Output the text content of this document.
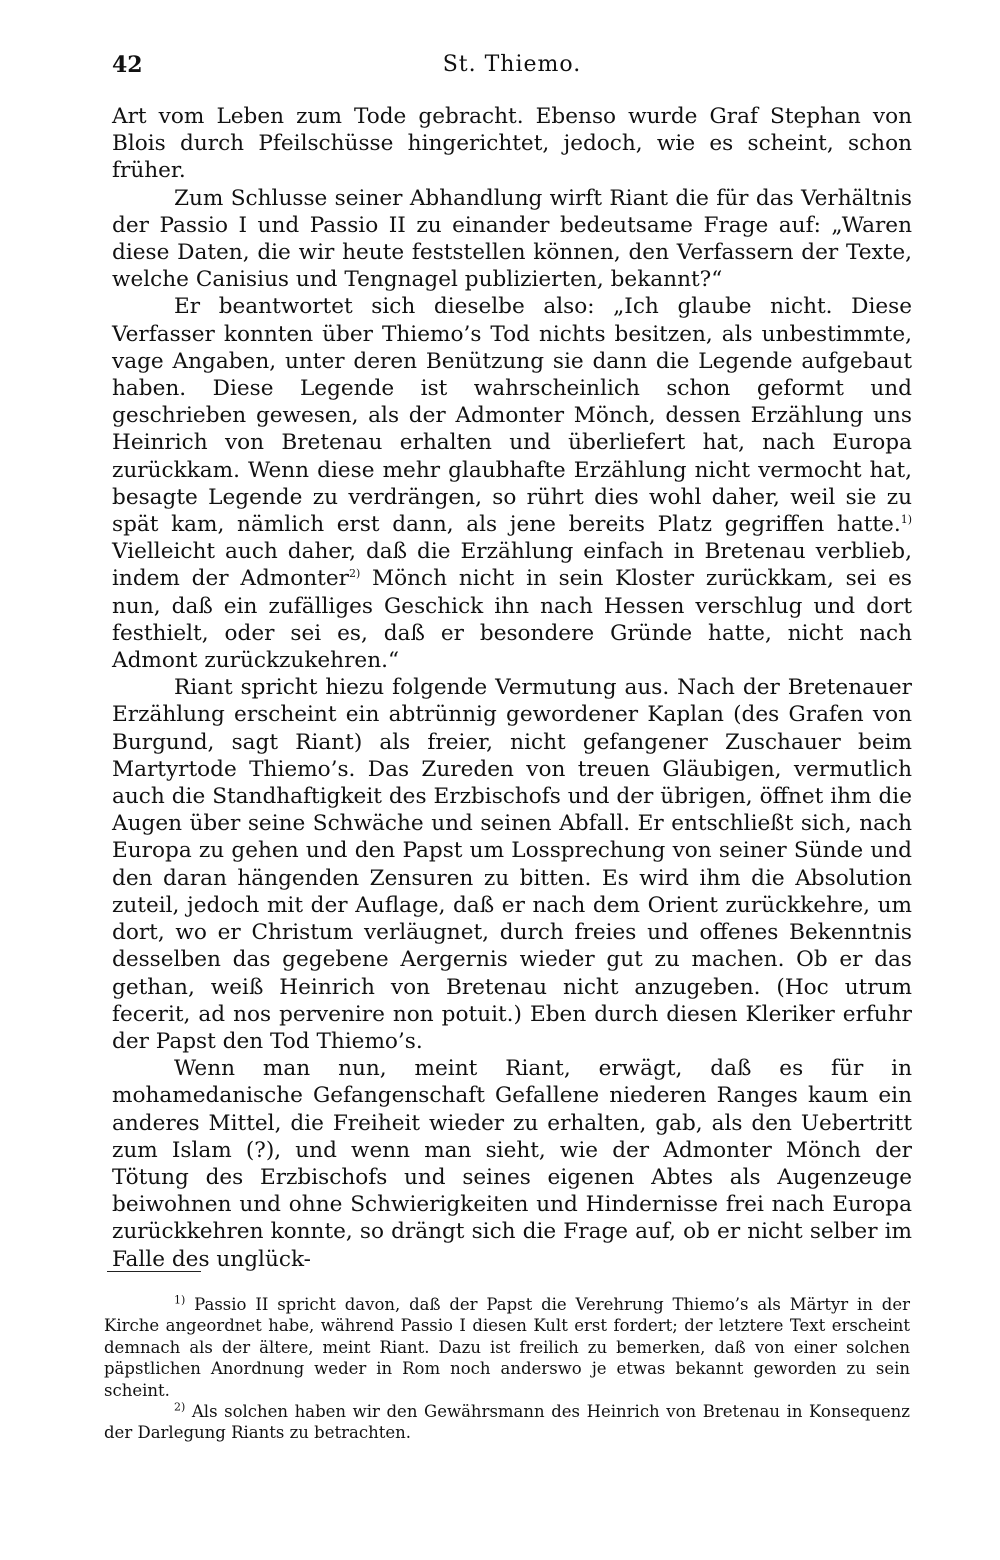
42	St. Thiemo.

Art vom Leben zum Tode gebracht. Ebenso wurde Graf Stephan von Blois durch Pfeilschüsse hingerichtet, jedoch, wie es scheint, schon früher.

Zum Schlusse seiner Abhandlung wirft Riant die für das Verhältnis der Passio I und Passio II zu einander bedeutsame Frage auf: „Waren diese Daten, die wir heute feststellen können, den Verfassern der Texte, welche Canisius und Tengnagel publizierten, bekannt?“

Er beantwortet sich dieselbe also: „Ich glaube nicht. Diese Verfasser konnten über Thiemo’s Tod nichts besitzen, als unbestimmte, vage Angaben, unter deren Benützung sie dann die Legende aufgebaut haben. Diese Legende ist wahrscheinlich schon geformt und geschrieben gewesen, als der Admonter Mönch, dessen Erzählung uns Heinrich von Bretenau erhalten und überliefert hat, nach Europa zurückkam. Wenn diese mehr glaubhafte Erzählung nicht vermocht hat, besagte Legende zu verdrängen, so rührt dies wohl daher, weil sie zu spät kam, nämlich erst dann, als jene bereits Platz gegriffen hatte.$^{1)}$ Vielleicht auch daher, daß die Erzählung einfach in Bretenau verblieb, indem der Admonter$^{2)}$ Mönch nicht in sein Kloster zurückkam, sei es nun, daß ein zufälliges Geschick ihn nach Hessen verschlug und dort festhielt, oder sei es, daß er besondere Gründe hatte, nicht nach Admont zurückzukehren.“

Riant spricht hiezu folgende Vermutung aus. Nach der Bretenauer Erzählung erscheint ein abtrünnig gewordener Kaplan (des Grafen von Burgund, sagt Riant) als freier, nicht gefangener Zuschauer beim Martyrtode Thiemo’s. Das Zureden von treuen Gläubigen, vermutlich auch die Standhaftigkeit des Erzbischofs und der übrigen, öffnet ihm die Augen über seine Schwäche und seinen Abfall. Er entschließt sich, nach Europa zu gehen und den Papst um Lossprechung von seiner Sünde und den daran hängenden Zensuren zu bitten. Es wird ihm die Absolution zuteil, jedoch mit der Auflage, daß er nach dem Orient zurückkehre, um dort, wo er Christum verläugnet, durch freies und offenes Bekenntnis desselben das gegebene Aergernis wieder gut zu machen. Ob er das gethan, weiß Heinrich von Bretenau nicht anzugeben. (Hoc utrum fecerit, ad nos pervenire non potuit.) Eben durch diesen Kleriker erfuhr der Papst den Tod Thiemo’s.

Wenn man nun, meint Riant, erwägt, daß es für in mohamedanische Gefangenschaft Gefallene niederen Ranges kaum ein anderes Mittel, die Freiheit wieder zu erhalten, gab, als den Uebertritt zum Islam (?), und wenn man sieht, wie der Admonter Mönch der Tötung des Erzbischofs und seines eigenen Abtes als Augenzeuge beiwohnen und ohne Schwierigkeiten und Hindernisse frei nach Europa zurückkehren konnte, so drängt sich die Frage auf, ob er nicht selber im Falle des unglück-

$^{1)}$ Passio II spricht davon, daß der Papst die Verehrung Thiemo’s als Märtyr in der Kirche angeordnet habe, während Passio I diesen Kult erst fordert; der letztere Text erscheint demnach als der ältere, meint Riant. Dazu ist freilich zu bemerken, daß von einer solchen päpstlichen Anordnung weder in Rom noch anderswo je etwas bekannt geworden zu sein scheint.

$^{2)}$ Als solchen haben wir den Gewährsmann des Heinrich von Bretenau in Konsequenz der Darlegung Riants zu betrachten.
